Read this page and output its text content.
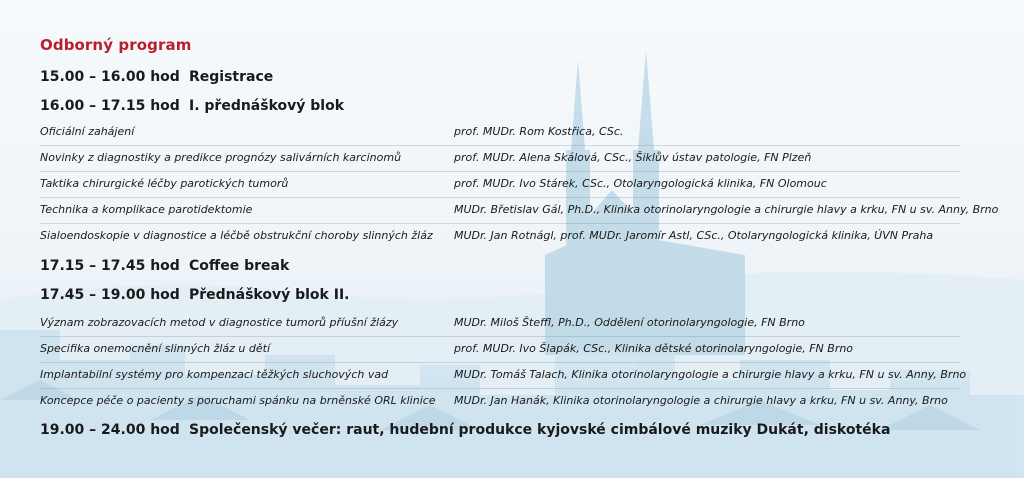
Odborný program
15.00 – 16.00 hod Registrace
16.00 – 17.15 hod I. přednáškový blok
Oficiální zahájení	prof. MUDr. Rom Kostřica, CSc.
Novinky z diagnostiky a predikce prognózy salivárních karcinomů	prof. MUDr. Alena Skálová, CSc., Šiklův ústav patologie, FN Plzeň
Taktika chirurgické léčby parotických tumorů	prof. MUDr. Ivo Stárek, CSc., Otolaryngologická klinika, FN Olomouc
Technika a komplikace parotidektomie	MUDr. Břetislav Gál, Ph.D., Klinika otorinolaryngologie a chirurgie hlavy a krku, FN u sv. Anny, Brno
Sialoendoskopie v diagnostice a léčbě obstrukční choroby slinných žláz MUDr. Jan Rotnágl, prof. MUDr. Jaromír Astl, CSc., Otolaryngologická klinika, ÚVN Praha
17.15 – 17.45 hod Coffee break
17.45 – 19.00 hod Přednáškový blok II.
Význam zobrazovacích metod v diagnostice tumorů příušní žlázy	MUDr. Miloš Šteffl, Ph.D., Oddělení otorinolaryngologie, FN Brno
Specifika onemocnění slinných žláz u dětí	prof. MUDr. Ivo Šlapák, CSc., Klinika dětské otorinolaryngologie, FN Brno
Implantabilní systémy pro kompenzaci těžkých sluchových vad	MUDr. Tomáš Talach, Klinika otorinolaryngologie a chirurgie hlavy a krku, FN u sv. Anny, Brno
Koncepce péče o pacienty s poruchami spánku na brněnské ORL klinice MUDr. Jan Hanák, Klinika otorinolaryngologie a chirurgie hlavy a krku, FN u sv. Anny, Brno
19.00 – 24.00 hod Společenský večer: raut, hudební produkce kyjovské cimbálové muziky Dukát, diskotéka
